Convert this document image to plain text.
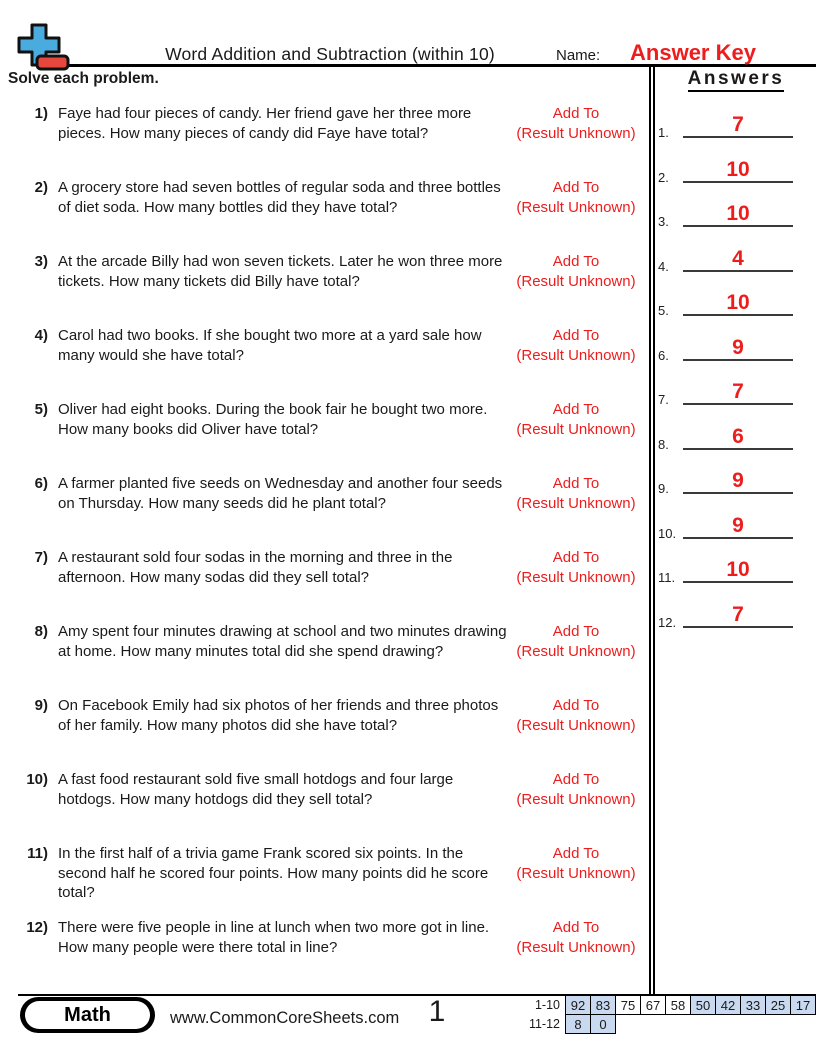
Word Addition and Subtraction (within 10)	Name:	Answer Key
Solve each problem.
1) Faye had four pieces of candy. Her friend gave her three more pieces. How many pieces of candy did Faye have total?
Add To
(Result Unknown)
2) A grocery store had seven bottles of regular soda and three bottles of diet soda. How many bottles did they have total?
Add To
(Result Unknown)
3) At the arcade Billy had won seven tickets. Later he won three more tickets. How many tickets did Billy have total?
Add To
(Result Unknown)
4) Carol had two books. If she bought two more at a yard sale how many would she have total?
Add To
(Result Unknown)
5) Oliver had eight books. During the book fair he bought two more. How many books did Oliver have total?
Add To
(Result Unknown)
6) A farmer planted five seeds on Wednesday and another four seeds on Thursday. How many seeds did he plant total?
Add To
(Result Unknown)
7) A restaurant sold four sodas in the morning and three in the afternoon. How many sodas did they sell total?
Add To
(Result Unknown)
8) Amy spent four minutes drawing at school and two minutes drawing at home. How many minutes total did she spend drawing?
Add To
(Result Unknown)
9) On Facebook Emily had six photos of her friends and three photos of her family. How many photos did she have total?
Add To
(Result Unknown)
10) A fast food restaurant sold five small hotdogs and four large hotdogs. How many hotdogs did they sell total?
Add To
(Result Unknown)
11) In the first half of a trivia game Frank scored six points. In the second half he scored four points. How many points did he score total?
Add To
(Result Unknown)
12) There were five people in line at lunch when two more got in line. How many people were there total in line?
Add To
(Result Unknown)
Answers
1.	7
2.	10
3.	10
4.	4
5.	10
6.	9
7.	7
8.	6
9.	9
10.	9
11.	10
12.	7
Math	www.CommonCoreSheets.com 1	1-10	92	83	75	67	58	50	42	33	25	17
11-12	8	0								
